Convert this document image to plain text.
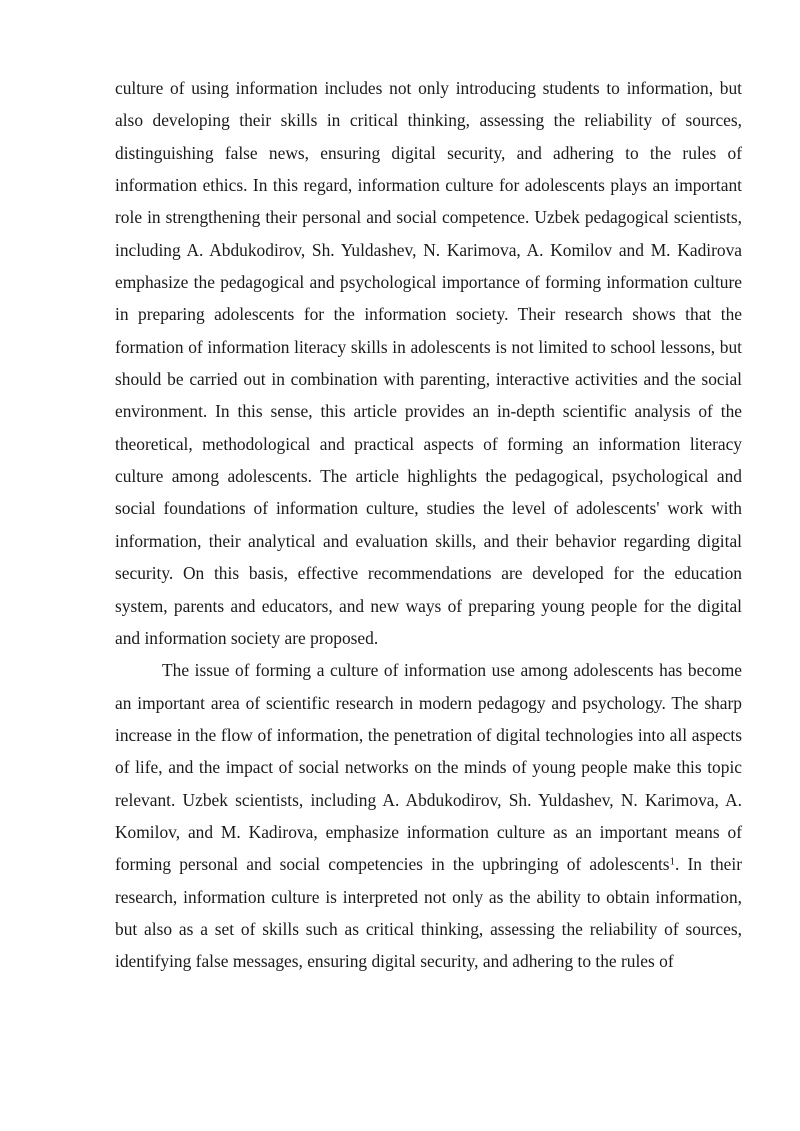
culture of using information includes not only introducing students to information, but also developing their skills in critical thinking, assessing the reliability of sources, distinguishing false news, ensuring digital security, and adhering to the rules of information ethics. In this regard, information culture for adolescents plays an important role in strengthening their personal and social competence. Uzbek pedagogical scientists, including A. Abdukodirov, Sh. Yuldashev, N. Karimova, A. Komilov and M. Kadirova emphasize the pedagogical and psychological importance of forming information culture in preparing adolescents for the information society. Their research shows that the formation of information literacy skills in adolescents is not limited to school lessons, but should be carried out in combination with parenting, interactive activities and the social environment. In this sense, this article provides an in-depth scientific analysis of the theoretical, methodological and practical aspects of forming an information literacy culture among adolescents. The article highlights the pedagogical, psychological and social foundations of information culture, studies the level of adolescents' work with information, their analytical and evaluation skills, and their behavior regarding digital security. On this basis, effective recommendations are developed for the education system, parents and educators, and new ways of preparing young people for the digital and information society are proposed.

The issue of forming a culture of information use among adolescents has become an important area of scientific research in modern pedagogy and psychology. The sharp increase in the flow of information, the penetration of digital technologies into all aspects of life, and the impact of social networks on the minds of young people make this topic relevant. Uzbek scientists, including A. Abdukodirov, Sh. Yuldashev, N. Karimova, A. Komilov, and M. Kadirova, emphasize information culture as an important means of forming personal and social competencies in the upbringing of adolescents$^1$. In their research, information culture is interpreted not only as the ability to obtain information, but also as a set of skills such as critical thinking, assessing the reliability of sources, identifying false messages, ensuring digital security, and adhering to the rules of
